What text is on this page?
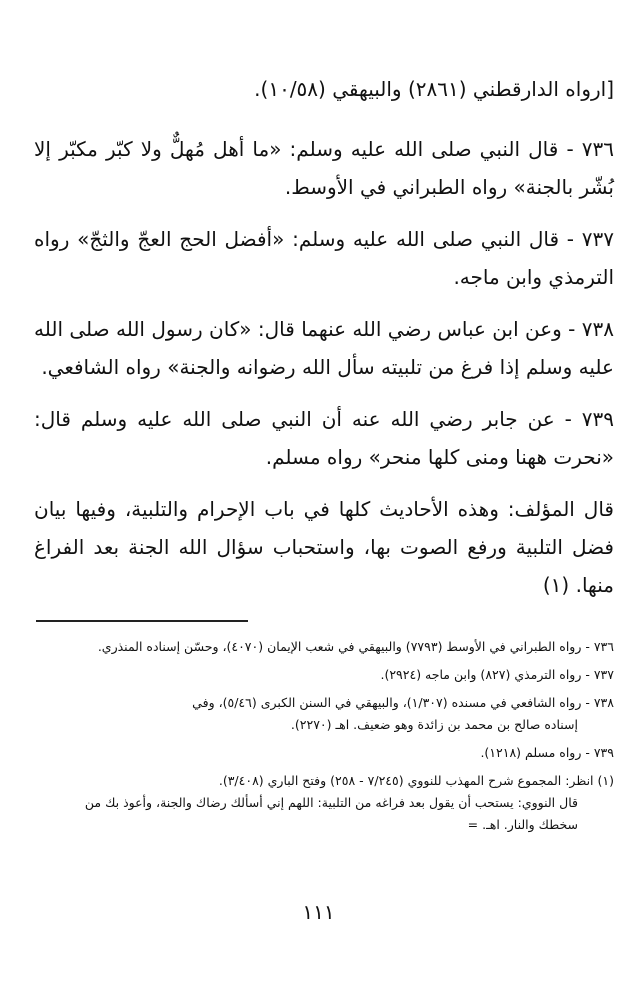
[ارواه الدارقطني (٢٨٦١) والبيهقي (١٠/٥٨).

٧٣٦ - قال النبي صلى الله عليه وسلم: «ما أهل مُهلٌّ ولا كبّر مكبّر إلا بُشّر بالجنة» رواه الطبراني في الأوسط.

٧٣٧ - قال النبي صلى الله عليه وسلم: «أفضل الحج العجّ والثجّ» رواه الترمذي وابن ماجه.

٧٣٨ - وعن ابن عباس رضي الله عنهما قال: «كان رسول الله صلى الله عليه وسلم إذا فرغ من تلبيته سأل الله رضوانه والجنة» رواه الشافعي.

٧٣٩ - عن جابر رضي الله عنه أن النبي صلى الله عليه وسلم قال: «نحرت ههنا ومنى كلها منحر» رواه مسلم.

قال المؤلف: وهذه الأحاديث كلها في باب الإحرام والتلبية، وفيها بيان فضل التلبية ورفع الصوت بها، واستحباب سؤال الله الجنة بعد الفراغ منها. (١)

٧٣٦ - رواه الطبراني في الأوسط (٧٧٩٣) والبيهقي في شعب الإيمان (٤٠٧٠)، وحسّن إسناده المنذري.

٧٣٧ - رواه الترمذي (٨٢٧) وابن ماجه (٢٩٢٤).

٧٣٨ - رواه الشافعي في مسنده (١/٣٠٧)، والبيهقي في السنن الكبرى (٥/٤٦)، وفي

إسناده صالح بن محمد بن زائدة وهو ضعيف. اهـ (٢٢٧٠).

٧٣٩ - رواه مسلم (١٢١٨).

(١) انظر: المجموع شرح المهذب للنووي (٧/٢٤٥ - ٢٥٨) وفتح الباري (٣/٤٠٨).

قال النووي: يستحب أن يقول بعد فراغه من التلبية: اللهم إني أسألك رضاك والجنة، وأعوذ بك من

سخطك والنار. اهـ. =

١١١
